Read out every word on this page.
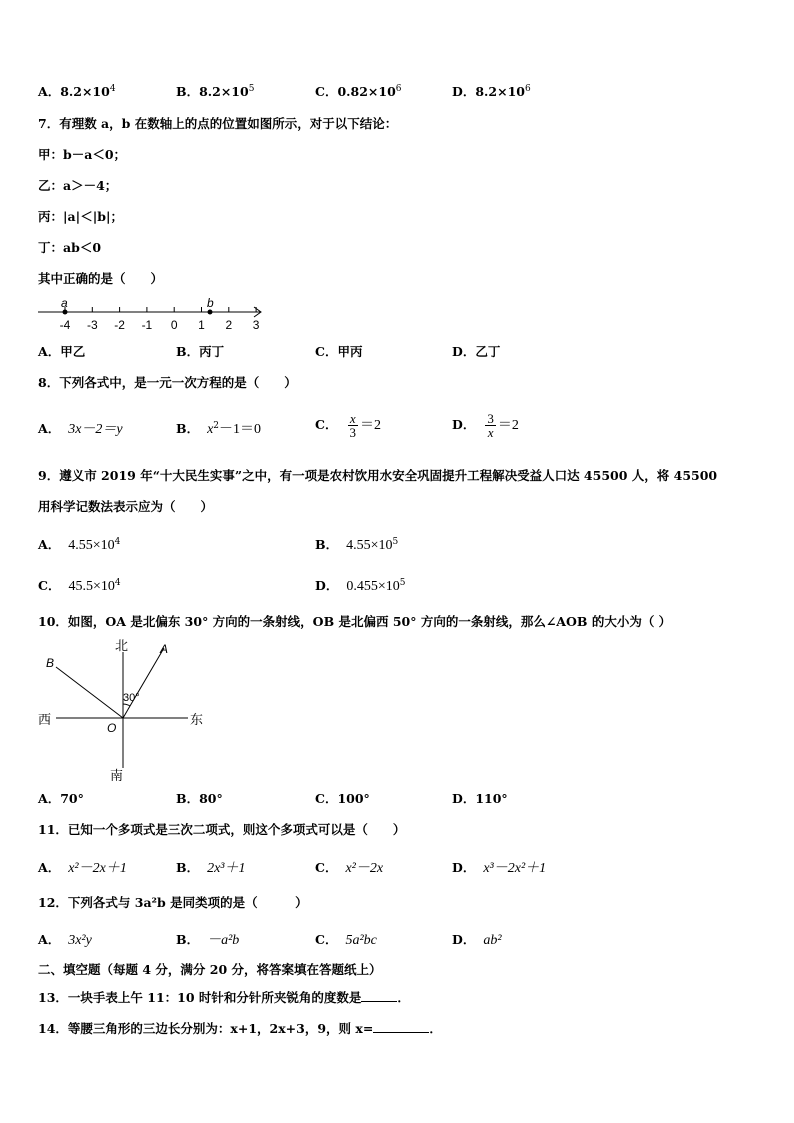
A．$8.2\times 10^4$	B．$8.2\times 10^5$	C．$0.82\times 10^6$	D．$8.2\times 10^6$
7．有理数 a，b 在数轴上的点的位置如图所示，对于以下结论：
甲：b－a＜0；
乙：a＞－4；
丙：|a|＜|b|；
丁：ab＜0
其中正确的是（　　）
-4 -3 -2 -1 0 1 2 3
a	b
A．甲乙	B．丙丁	C．甲丙	D．乙丁
8．下列各式中，是一元一次方程的是（　　）
A． 3x－2＝y	B． $x^2-1=0$	C． $\frac{x}{3} =2$	D． $\frac{3}{x} =2$
9．遵义市 2019 年“十大民生实事”之中，有一项是农村饮用水安全巩固提升工程解决受益人口达 45500 人，将 45500
用科学记数法表示应为（　　）
A． $4.55\times 10^4$	B． $4.55\times 10^5$
C． $45.5\times 10^4$	D． $0.455\times 10^5$
10．如图，OA 是北偏东 30° 方向的一条射线，OB 是北偏西 50° 方向的一条射线，那么∠AOB 的大小为（ ）
北
南
西	东
O
A
B
30°
A．70°	B．80°	C．100°	D．110°
11．已知一个多项式是三次二项式，则这个多项式可以是（　　）
A． x²－2x＋1	B． 2x³＋1	C． x²－2x	D． x³－2x²＋1
12．下列各式与 3a²b 是同类项的是（　　　）
A． 3x²y	B． －a²b	C． 5a²bc	D． ab²
二、填空题（每题 4 分，满分 20 分，将答案填在答题纸上）
13．一块手表上午 11：10 时针和分针所夹锐角的度数是	．
14．等腰三角形的三边长分别为：x+1，2x+3，9，则 x=	．
